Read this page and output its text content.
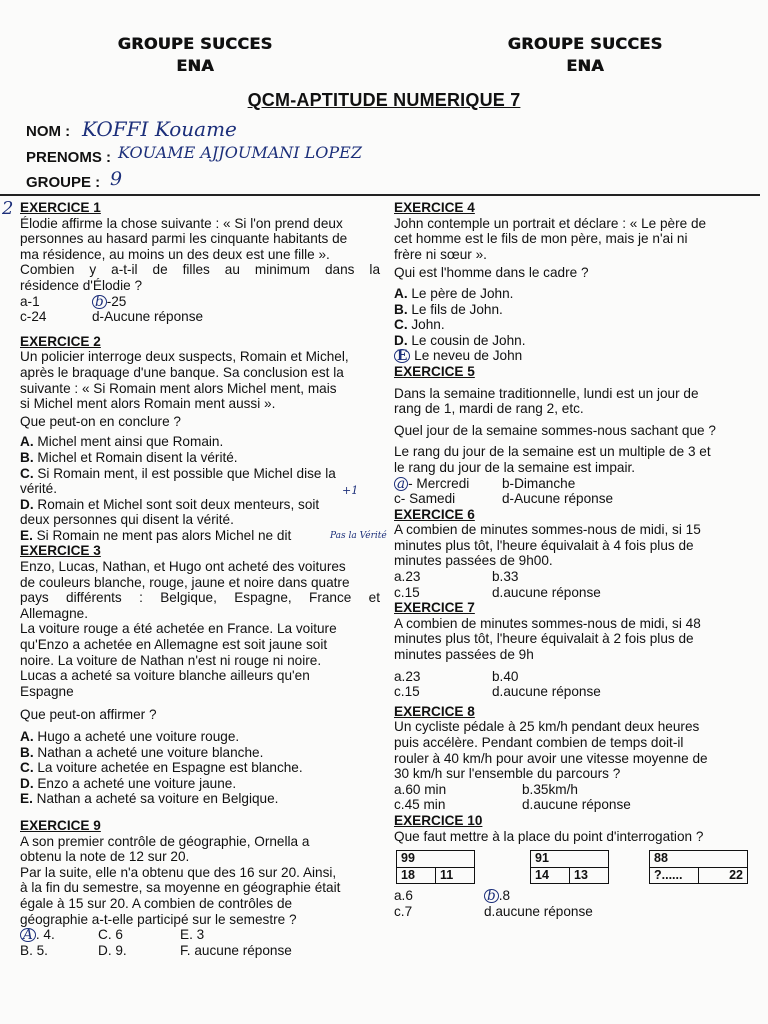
GROUPE SUCCES
ENA
GROUPE SUCCES
ENA
QCM-APTITUDE NUMERIQUE 7
NOM : KOFFI Kouame
PRENOMS : KOUAME AJJOUMANI LOPEZ
GROUPE : 9
2 EXERCICE 1

Élodie affirme la chose suivante : « Si l'on prend deux

personnes au hasard parmi les cinquante habitants de

ma résidence, au moins un des deux est une fille ».

Combien y a-t-il de filles au minimum dans la

résidence d'Élodie ?

a-1	b -25
c-24	d-Aucune réponse

EXERCICE 2

Un policier interroge deux suspects, Romain et Michel,

après le braquage d'une banque. Sa conclusion est la

suivante : « Si Romain ment alors Michel ment, mais

si Michel ment alors Romain ment aussi ».

Que peut-on en conclure ?

A. Michel ment ainsi que Romain.

B. Michel et Romain disent la vérité.

C. Si Romain ment, il est possible que Michel dise la

vérité.	+1

D. Romain et Michel sont soit deux menteurs, soit

deux personnes qui disent la vérité.

E. Si Romain ne ment pas alors Michel ne dit	Pas la Vérité

EXERCICE 3

Enzo, Lucas, Nathan, et Hugo ont acheté des voitures

de couleurs blanche, rouge, jaune et noire dans quatre

pays différents : Belgique, Espagne, France et

Allemagne.

La voiture rouge a été achetée en France. La voiture

qu'Enzo a achetée en Allemagne est soit jaune soit

noire. La voiture de Nathan n'est ni rouge ni noire.

Lucas a acheté sa voiture blanche ailleurs qu'en

Espagne

Que peut-on affirmer ?

A. Hugo a acheté une voiture rouge.

B. Nathan a acheté une voiture blanche.

C. La voiture achetée en Espagne est blanche.

D. Enzo a acheté une voiture jaune.

E. Nathan a acheté sa voiture en Belgique.

EXERCICE 9

A son premier contrôle de géographie, Ornella a

obtenu la note de 12 sur 20.

Par la suite, elle n'a obtenu que des 16 sur 20. Ainsi,

à la fin du semestre, sa moyenne en géographie était

égale à 15 sur 20. A combien de contrôles de

géographie a-t-elle participé sur le semestre ?

A . 4.	C. 6	E. 3
B. 5.	D. 9.	F. aucune réponse

EXERCICE 4

John contemple un portrait et déclare : « Le père de

cet homme est le fils de mon père, mais je n'ai ni

frère ni sœur ».

Qui est l'homme dans le cadre ?

A. Le père de John.

B. Le fils de John.

C. John.

D. Le cousin de John.

E Le neveu de John

EXERCICE 5

Dans la semaine traditionnelle, lundi est un jour de

rang de 1, mardi de rang 2, etc.

Quel jour de la semaine sommes-nous sachant que ?

Le rang du jour de la semaine est un multiple de 3 et

le rang du jour de la semaine est impair.

a - Mercredi	b-Dimanche
c- Samedi	d-Aucune réponse

EXERCICE 6

A combien de minutes sommes-nous de midi, si 15

minutes plus tôt, l'heure équivalait à 4 fois plus de

minutes passées de 9h00.

a.23	b.33
c.15	d.aucune réponse

EXERCICE 7

A combien de minutes sommes-nous de midi, si 48

minutes plus tôt, l'heure équivalait à 2 fois plus de

minutes passées de 9h

a.23	b.40
c.15	d.aucune réponse

EXERCICE 8

Un cycliste pédale à 25 km/h pendant deux heures

puis accélère. Pendant combien de temps doit-il

rouler à 40 km/h pour avoir une vitesse moyenne de

30 km/h sur l'ensemble du parcours ?

a.60 min	b.35km/h
c.45 min	d.aucune réponse

EXERCICE 10

Que faut mettre à la place du point d'interrogation ?

99
18	11
91
14	13
88
?......	22
a.6	b .8
c.7	d.aucune réponse
